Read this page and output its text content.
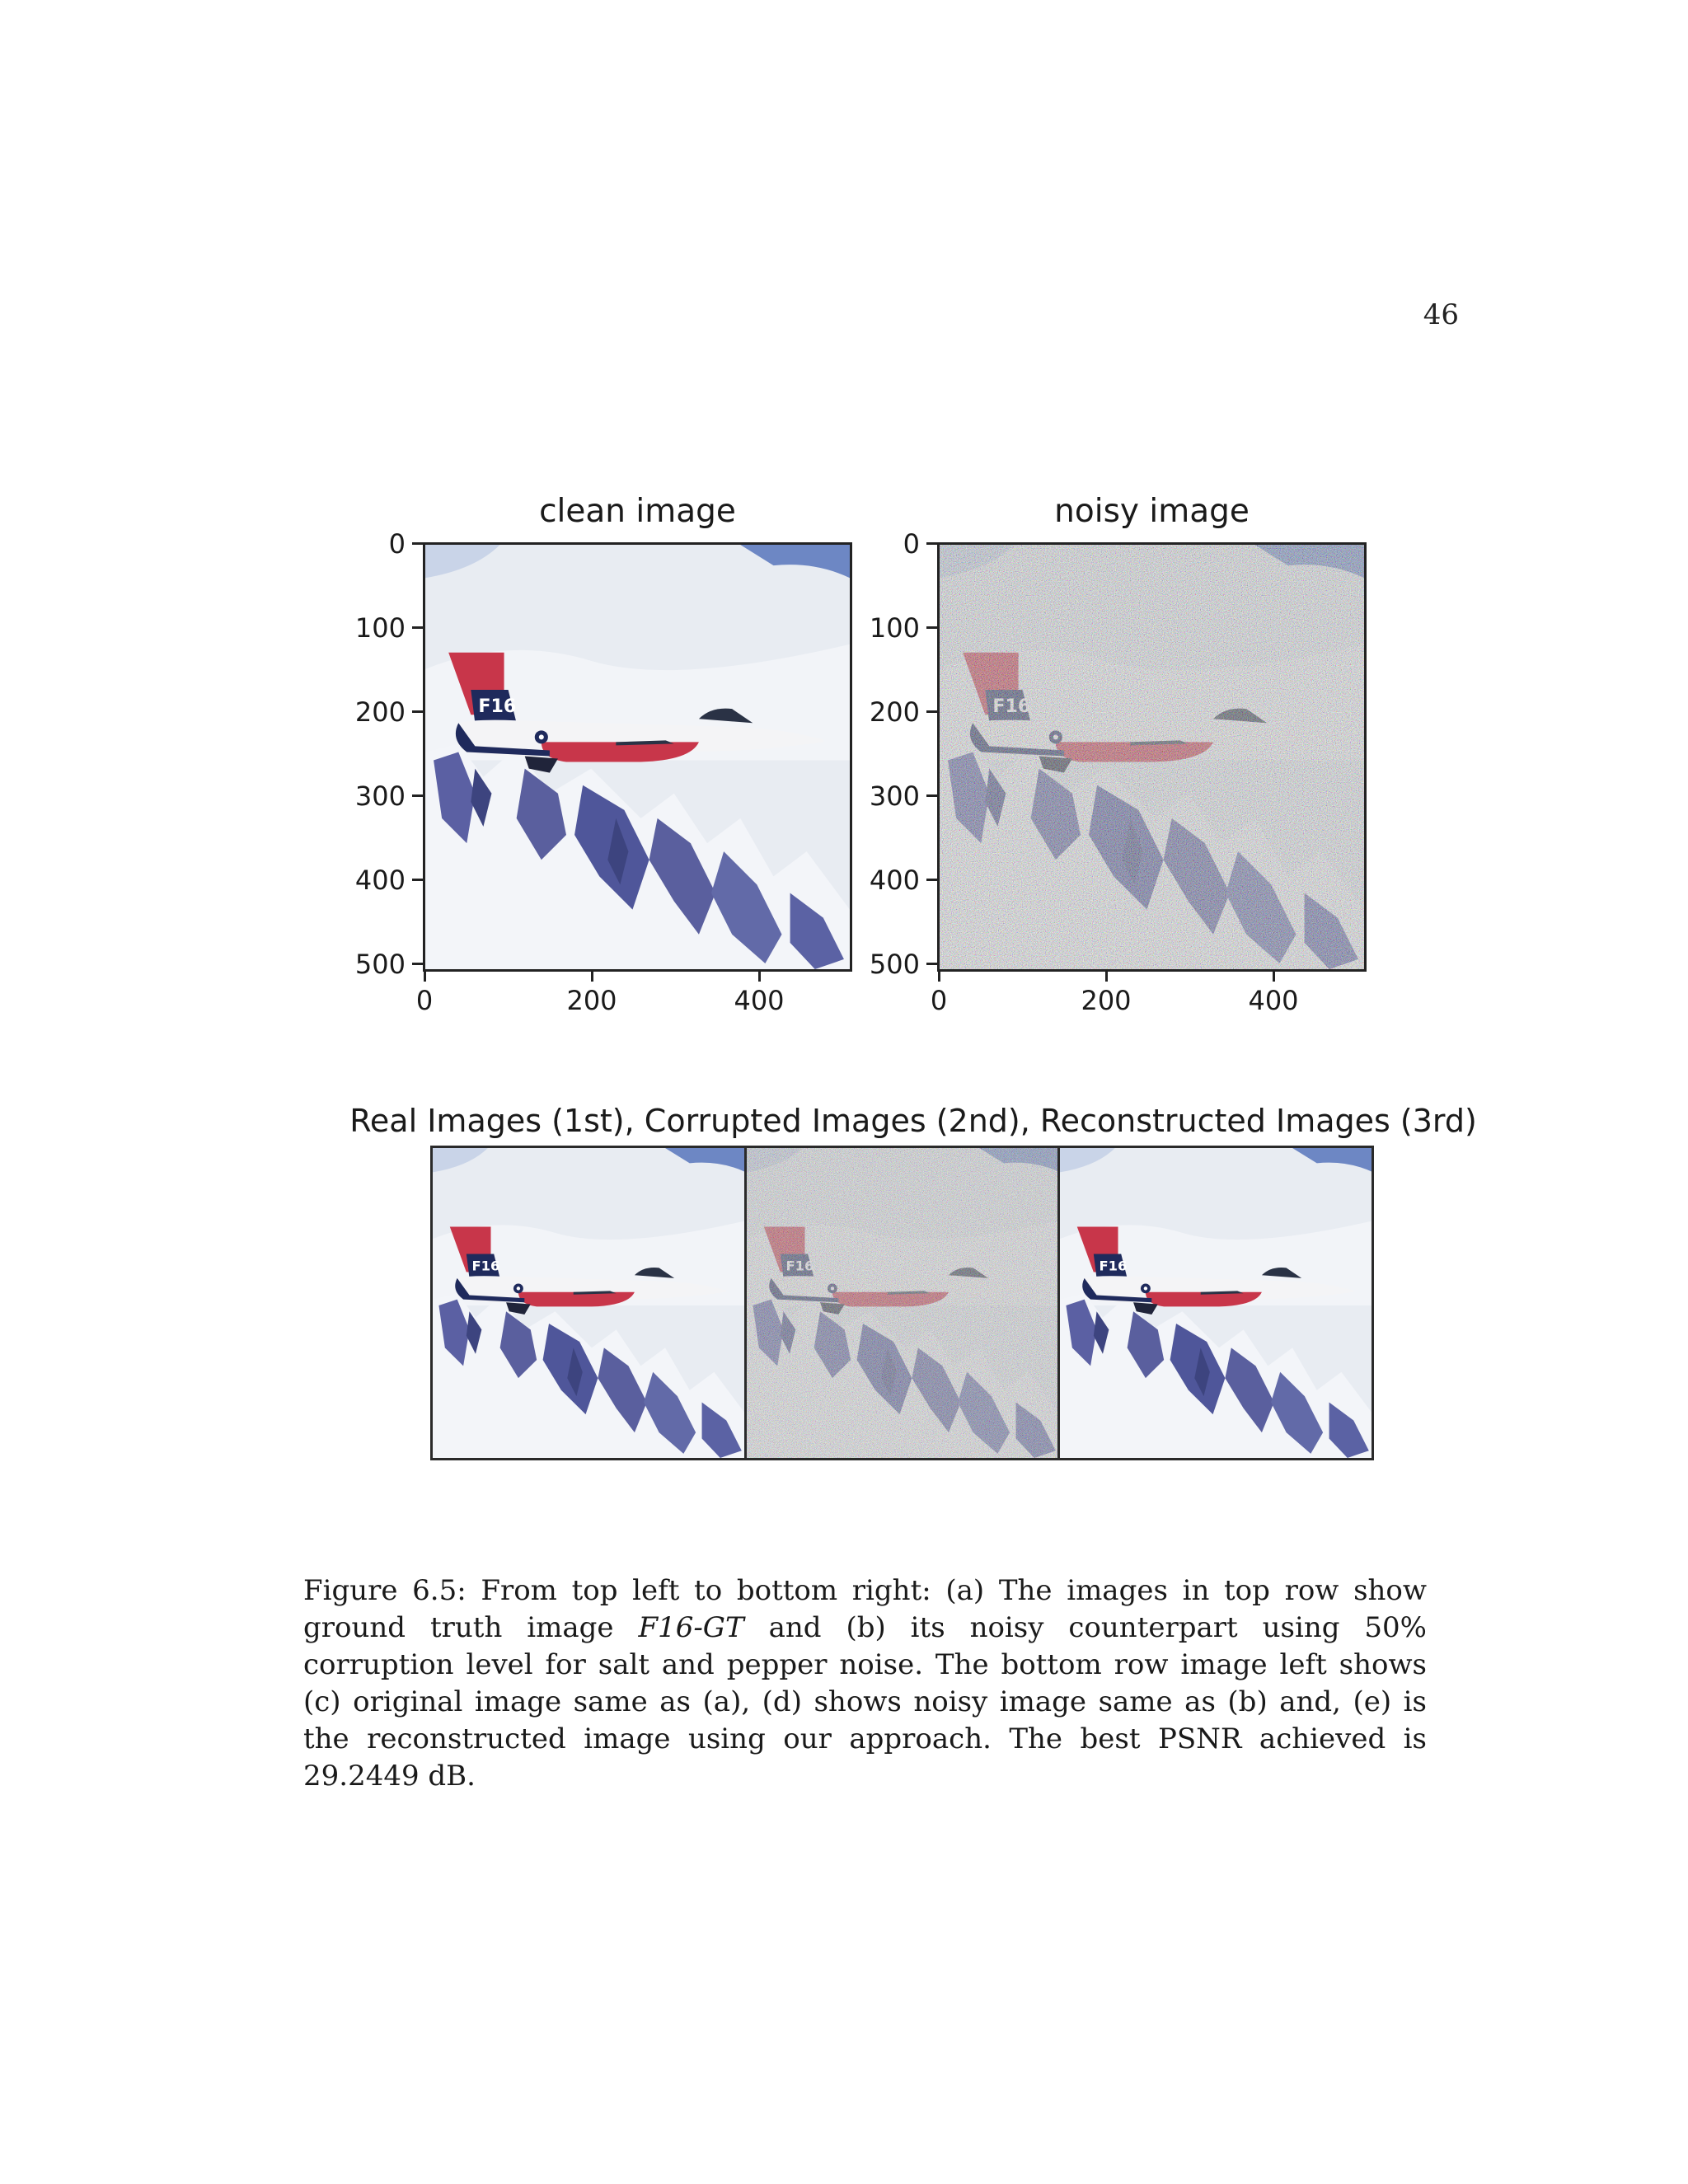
46
clean image
0
100
200
300
400
500
0	200	400
noisy image
0
100
200
300
400
500
0	200	400
Real Images (1st), Corrupted Images (2nd), Reconstructed Images (3rd)
Figure 6.5: From top left to bottom right: (a) The images in top row show ground truth image F16-GT and (b) its noisy counterpart using 50% corruption level for salt and pepper noise. The bottom row image left shows (c) original image same as (a), (d) shows noisy image same as (b) and, (e) is the reconstructed image using our approach. The best PSNR achieved is 29.2449 dB.
